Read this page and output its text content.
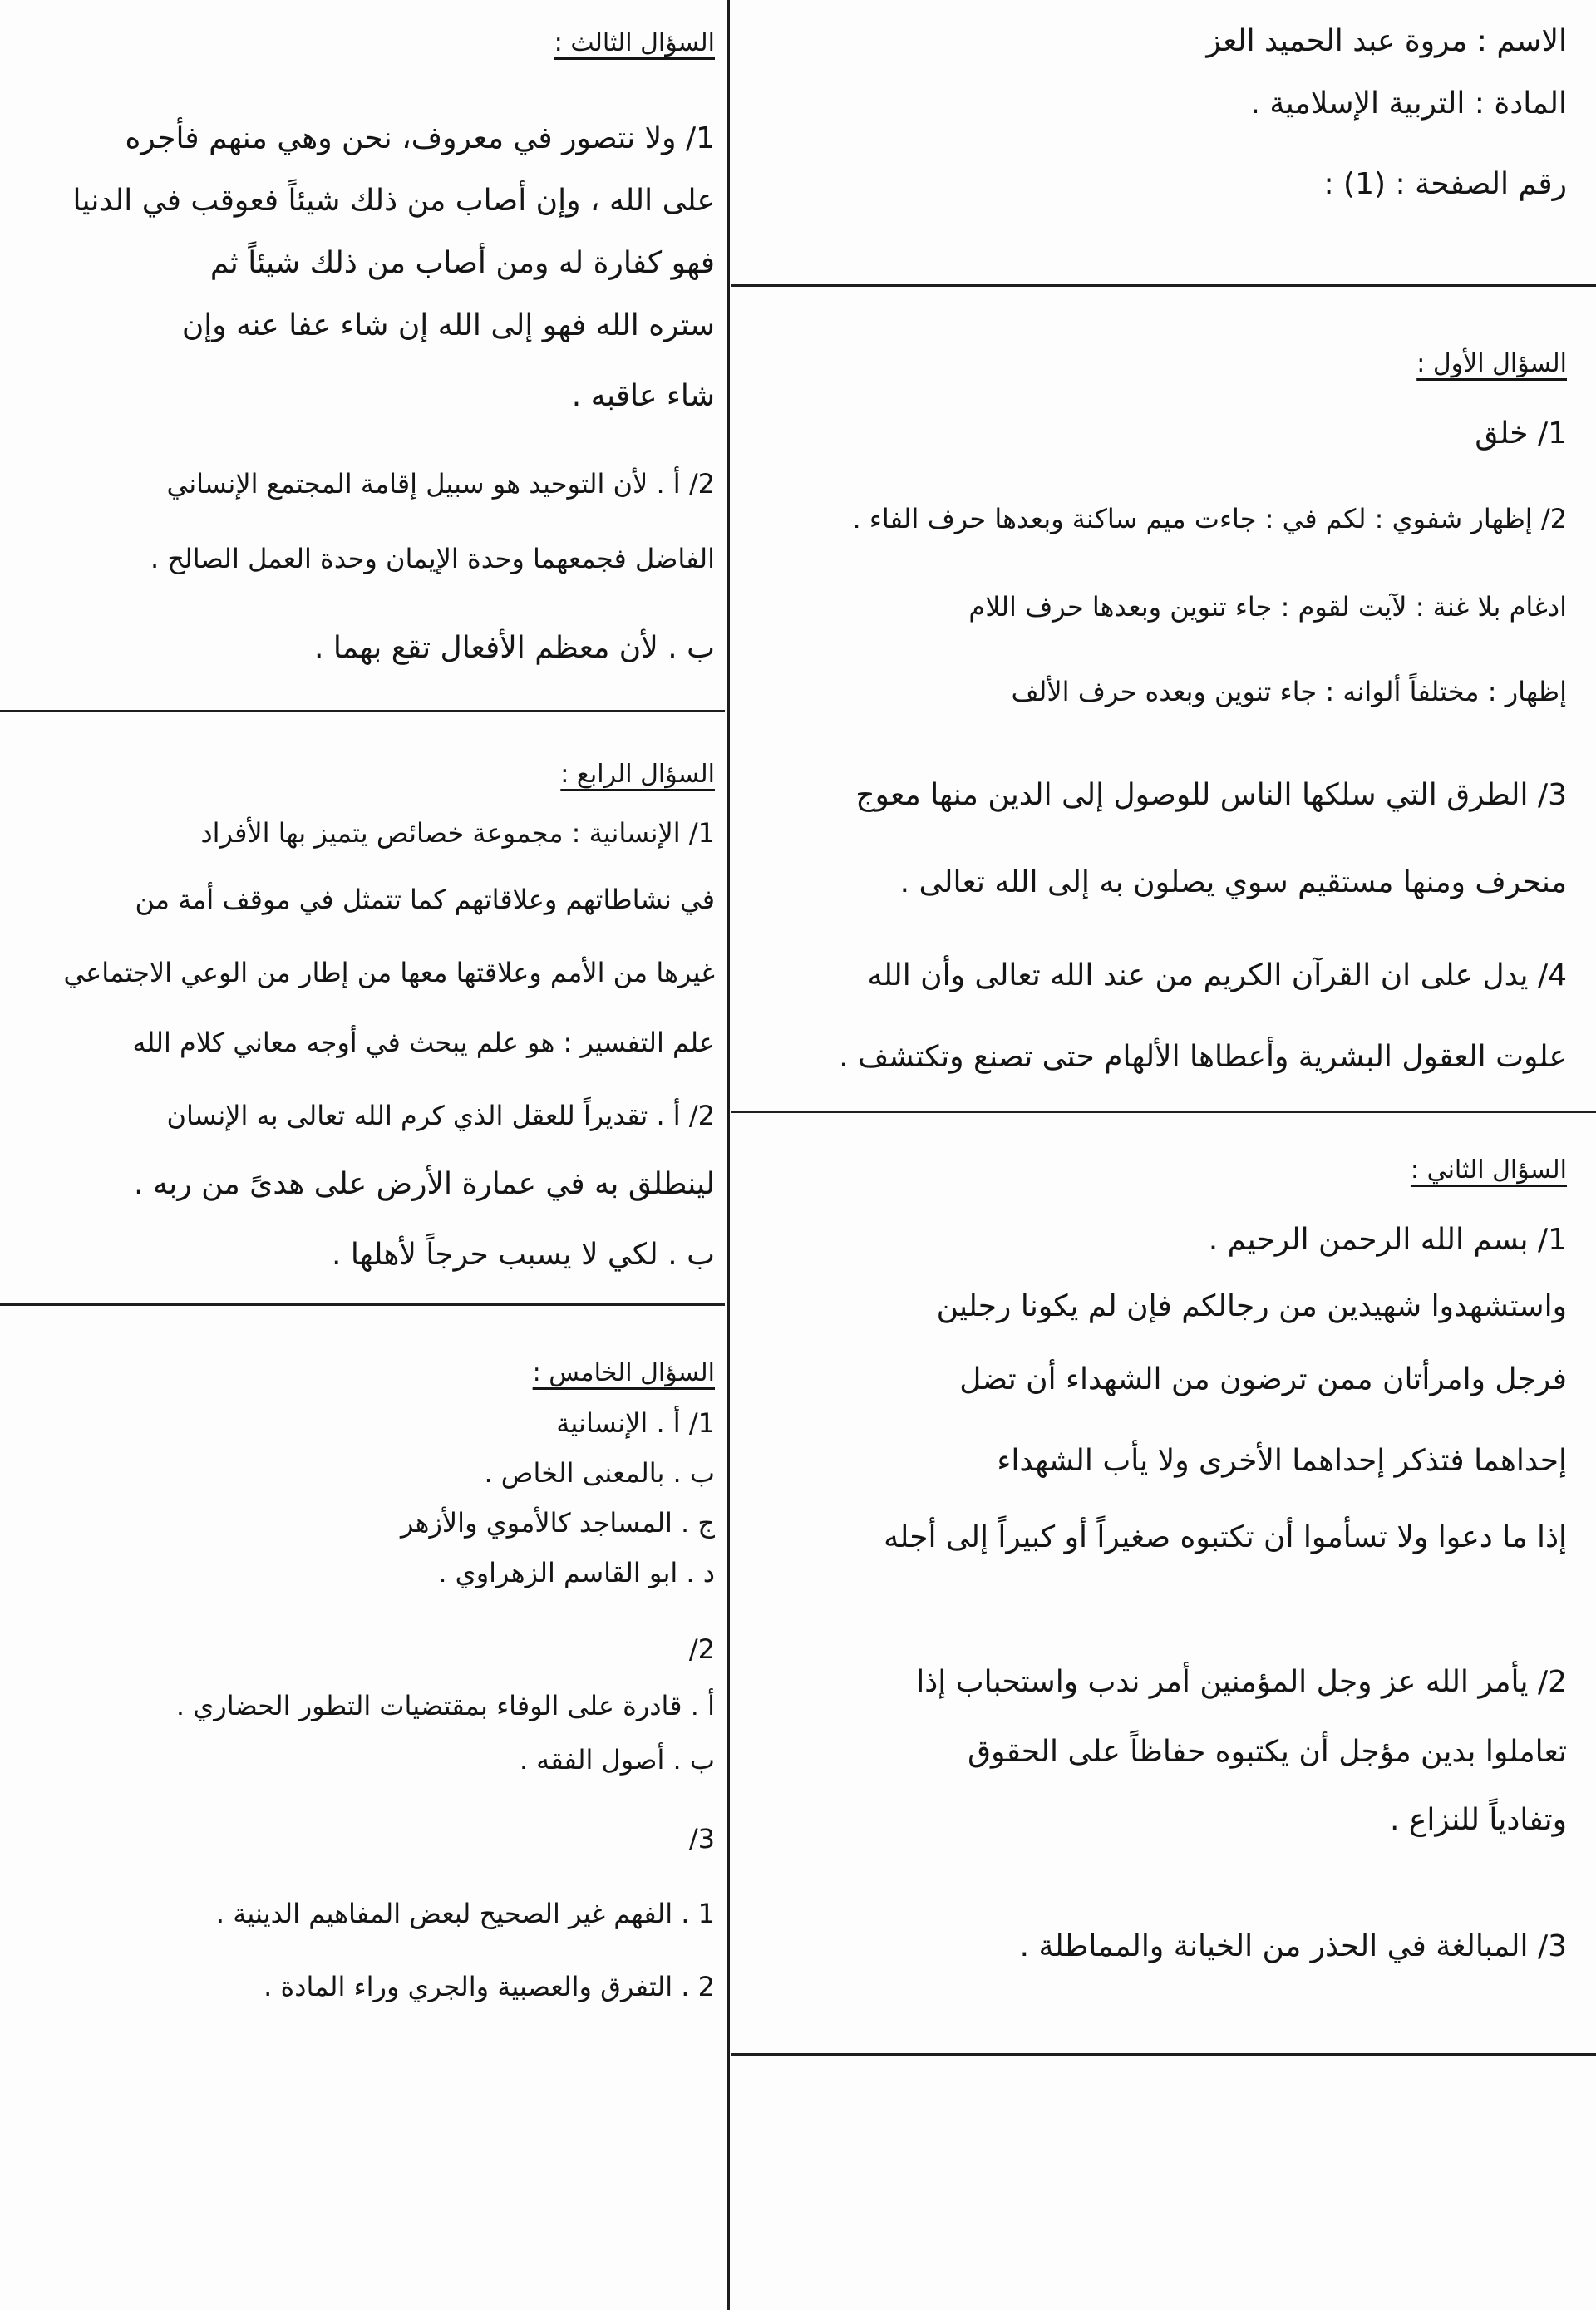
الاسم : مروة عبد الحميد العز
المادة : التربية الإسلامية .
رقم الصفحة : (1) :
السؤال الأول :
1/ خلق
2/ إظهار شفوي : لكم في : جاءت ميم ساكنة وبعدها حرف الفاء .
ادغام بلا غنة : لآيت لقوم : جاء تنوين وبعدها حرف اللام
إظهار : مختلفاً ألوانه : جاء تنوين وبعده حرف الألف
3/ الطرق التي سلكها الناس للوصول إلى الدين منها معوج
منحرف ومنها مستقيم سوي يصلون به إلى الله تعالى .
4/ يدل على ان القرآن الكريم من عند الله تعالى وأن الله
علوت العقول البشرية وأعطاها الألهام حتى تصنع وتكتشف .
السؤال الثاني :
1/ بسم الله الرحمن الرحيم .
واستشهدوا شهيدين من رجالكم فإن لم يكونا رجلين
فرجل وامرأتان ممن ترضون من الشهداء أن تضل
إحداهما فتذكر إحداهما الأخرى ولا يأب الشهداء
إذا ما دعوا ولا تسأموا أن تكتبوه صغيراً أو كبيراً إلى أجله
2/ يأمر الله عز وجل المؤمنين أمر ندب واستحباب إذا
تعاملوا بدين مؤجل أن يكتبوه حفاظاً على الحقوق
وتفادياً للنزاع .
3/ المبالغة في الحذر من الخيانة والمماطلة .
السؤال الثالث :
1/ ولا نتصور في معروف، نحن وهي منهم فأجره
على الله ، وإن أصاب من ذلك شيئاً فعوقب في الدنيا
فهو كفارة له ومن أصاب من ذلك شيئاً ثم
ستره الله فهو إلى الله إن شاء عفا عنه وإن
شاء عاقبه .
2/ أ . لأن التوحيد هو سبيل إقامة المجتمع الإنساني
الفاضل فجمعهما وحدة الإيمان وحدة العمل الصالح .
ب . لأن معظم الأفعال تقع بهما .
السؤال الرابع :
1/ الإنسانية : مجموعة خصائص يتميز بها الأفراد
في نشاطاتهم وعلاقاتهم كما تتمثل في موقف أمة من
غيرها من الأمم وعلاقتها معها من إطار من الوعي الاجتماعي
علم التفسير : هو علم يبحث في أوجه معاني كلام الله
2/ أ . تقديراً للعقل الذي كرم الله تعالى به الإنسان
لينطلق به في عمارة الأرض على هدىً من ربه .
ب . لكي لا يسبب حرجاً لأهلها .
السؤال الخامس :
1/ أ . الإنسانية
ب . بالمعنى الخاص .
ج . المساجد كالأموي والأزهر
د . ابو القاسم الزهراوي .
2/
أ . قادرة على الوفاء بمقتضيات التطور الحضاري .
ب . أصول الفقه .
3/
1 . الفهم غير الصحيح لبعض المفاهيم الدينية .
2 . التفرق والعصبية والجري وراء المادة .
